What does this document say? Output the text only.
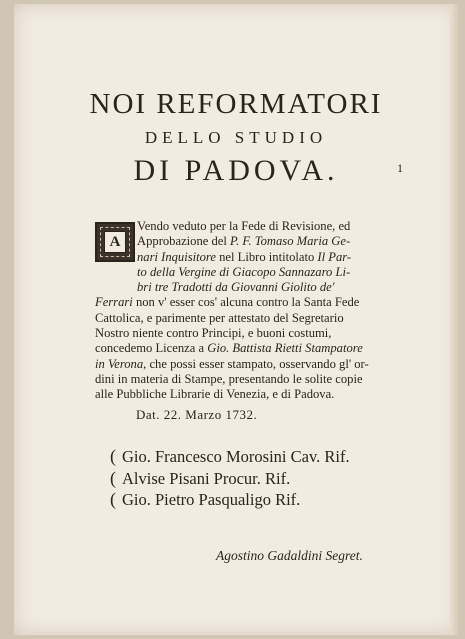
NOI REFORMATORI
DELLO STUDIO
DI PADOVA.	1
A
Vendo veduto per la Fede di Revisione, ed
Approbazione del P. F. Tomaso Maria Ge-
nari Inquisitore nel Libro intitolato Il Par-
to della Vergine di Giacopo Sannazaro Li-
bri tre Tradotti da Giovanni Giolito de'
Ferrari non v' esser cos' alcuna contro la Santa Fede
Cattolica, e parimente per attestato del Segretario
Nostro niente contro Principi, e buoni costumi,
concedemo Licenza a Gio. Battista Rietti Stampatore
in Verona, che possi esser stampato, osservando gl' or-
dini in materia di Stampe, presentando le solite copie
alle Pubbliche Librarie di Venezia, e di Padova.
Dat. 22. Marzo 1732.
( Gio. Francesco Morosini Cav. Rif.
( Alvise Pisani Procur. Rif.
( Gio. Pietro Pasqualigo Rif.
Agostino Gadaldini Segret.
